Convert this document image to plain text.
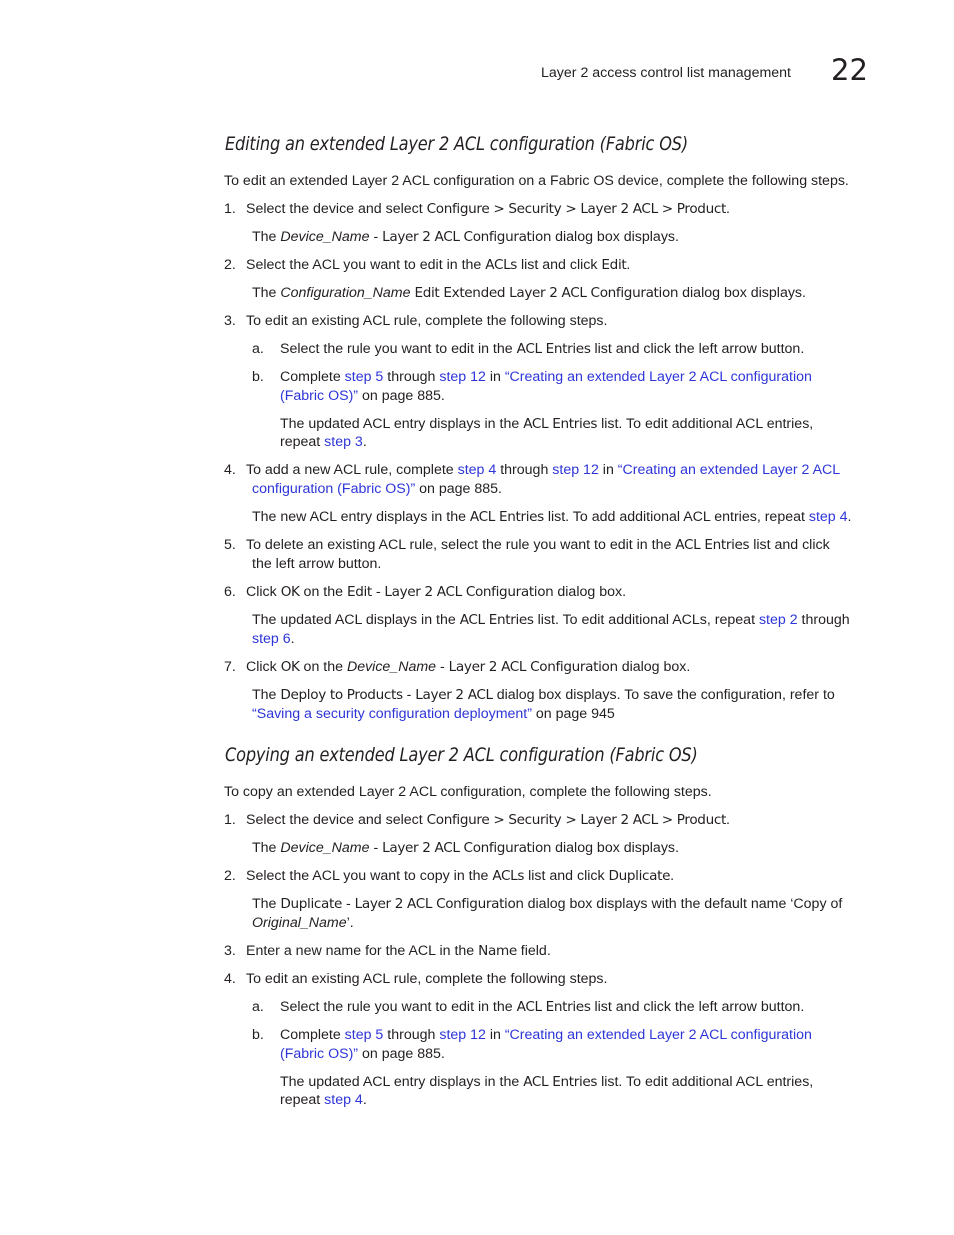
Layer 2 access control list management 22
Editing an extended Layer 2 ACL configuration (Fabric OS)
To edit an extended Layer 2 ACL configuration on a Fabric OS device, complete the following steps.
1. Select the device and select Configure > Security > Layer 2 ACL > Product.
The Device_Name - Layer 2 ACL Configuration dialog box displays.
2. Select the ACL you want to edit in the ACLs list and click Edit.
The Configuration_Name Edit Extended Layer 2 ACL Configuration dialog box displays.
3. To edit an existing ACL rule, complete the following steps.
a. Select the rule you want to edit in the ACL Entries list and click the left arrow button.
b. Complete step 5 through step 12 in “Creating an extended Layer 2 ACL configuration
(Fabric OS)” on page 885.
The updated ACL entry displays in the ACL Entries list. To edit additional ACL entries,
repeat step 3.
4. To add a new ACL rule, complete step 4 through step 12 in “Creating an extended Layer 2 ACL
configuration (Fabric OS)” on page 885.
The new ACL entry displays in the ACL Entries list. To add additional ACL entries, repeat step 4.
5. To delete an existing ACL rule, select the rule you want to edit in the ACL Entries list and click
the left arrow button.
6. Click OK on the Edit - Layer 2 ACL Configuration dialog box.
The updated ACL displays in the ACL Entries list. To edit additional ACLs, repeat step 2 through
step 6.
7. Click OK on the Device_Name - Layer 2 ACL Configuration dialog box.
The Deploy to Products - Layer 2 ACL dialog box displays. To save the configuration, refer to
“Saving a security configuration deployment” on page 945
Copying an extended Layer 2 ACL configuration (Fabric OS)
To copy an extended Layer 2 ACL configuration, complete the following steps.
1. Select the device and select Configure > Security > Layer 2 ACL > Product.
The Device_Name - Layer 2 ACL Configuration dialog box displays.
2. Select the ACL you want to copy in the ACLs list and click Duplicate.
The Duplicate - Layer 2 ACL Configuration dialog box displays with the default name ‘Copy of
Original_Name’.
3. Enter a new name for the ACL in the Name field.
4. To edit an existing ACL rule, complete the following steps.
a. Select the rule you want to edit in the ACL Entries list and click the left arrow button.
b. Complete step 5 through step 12 in “Creating an extended Layer 2 ACL configuration
(Fabric OS)” on page 885.
The updated ACL entry displays in the ACL Entries list. To edit additional ACL entries,
repeat step 4.
